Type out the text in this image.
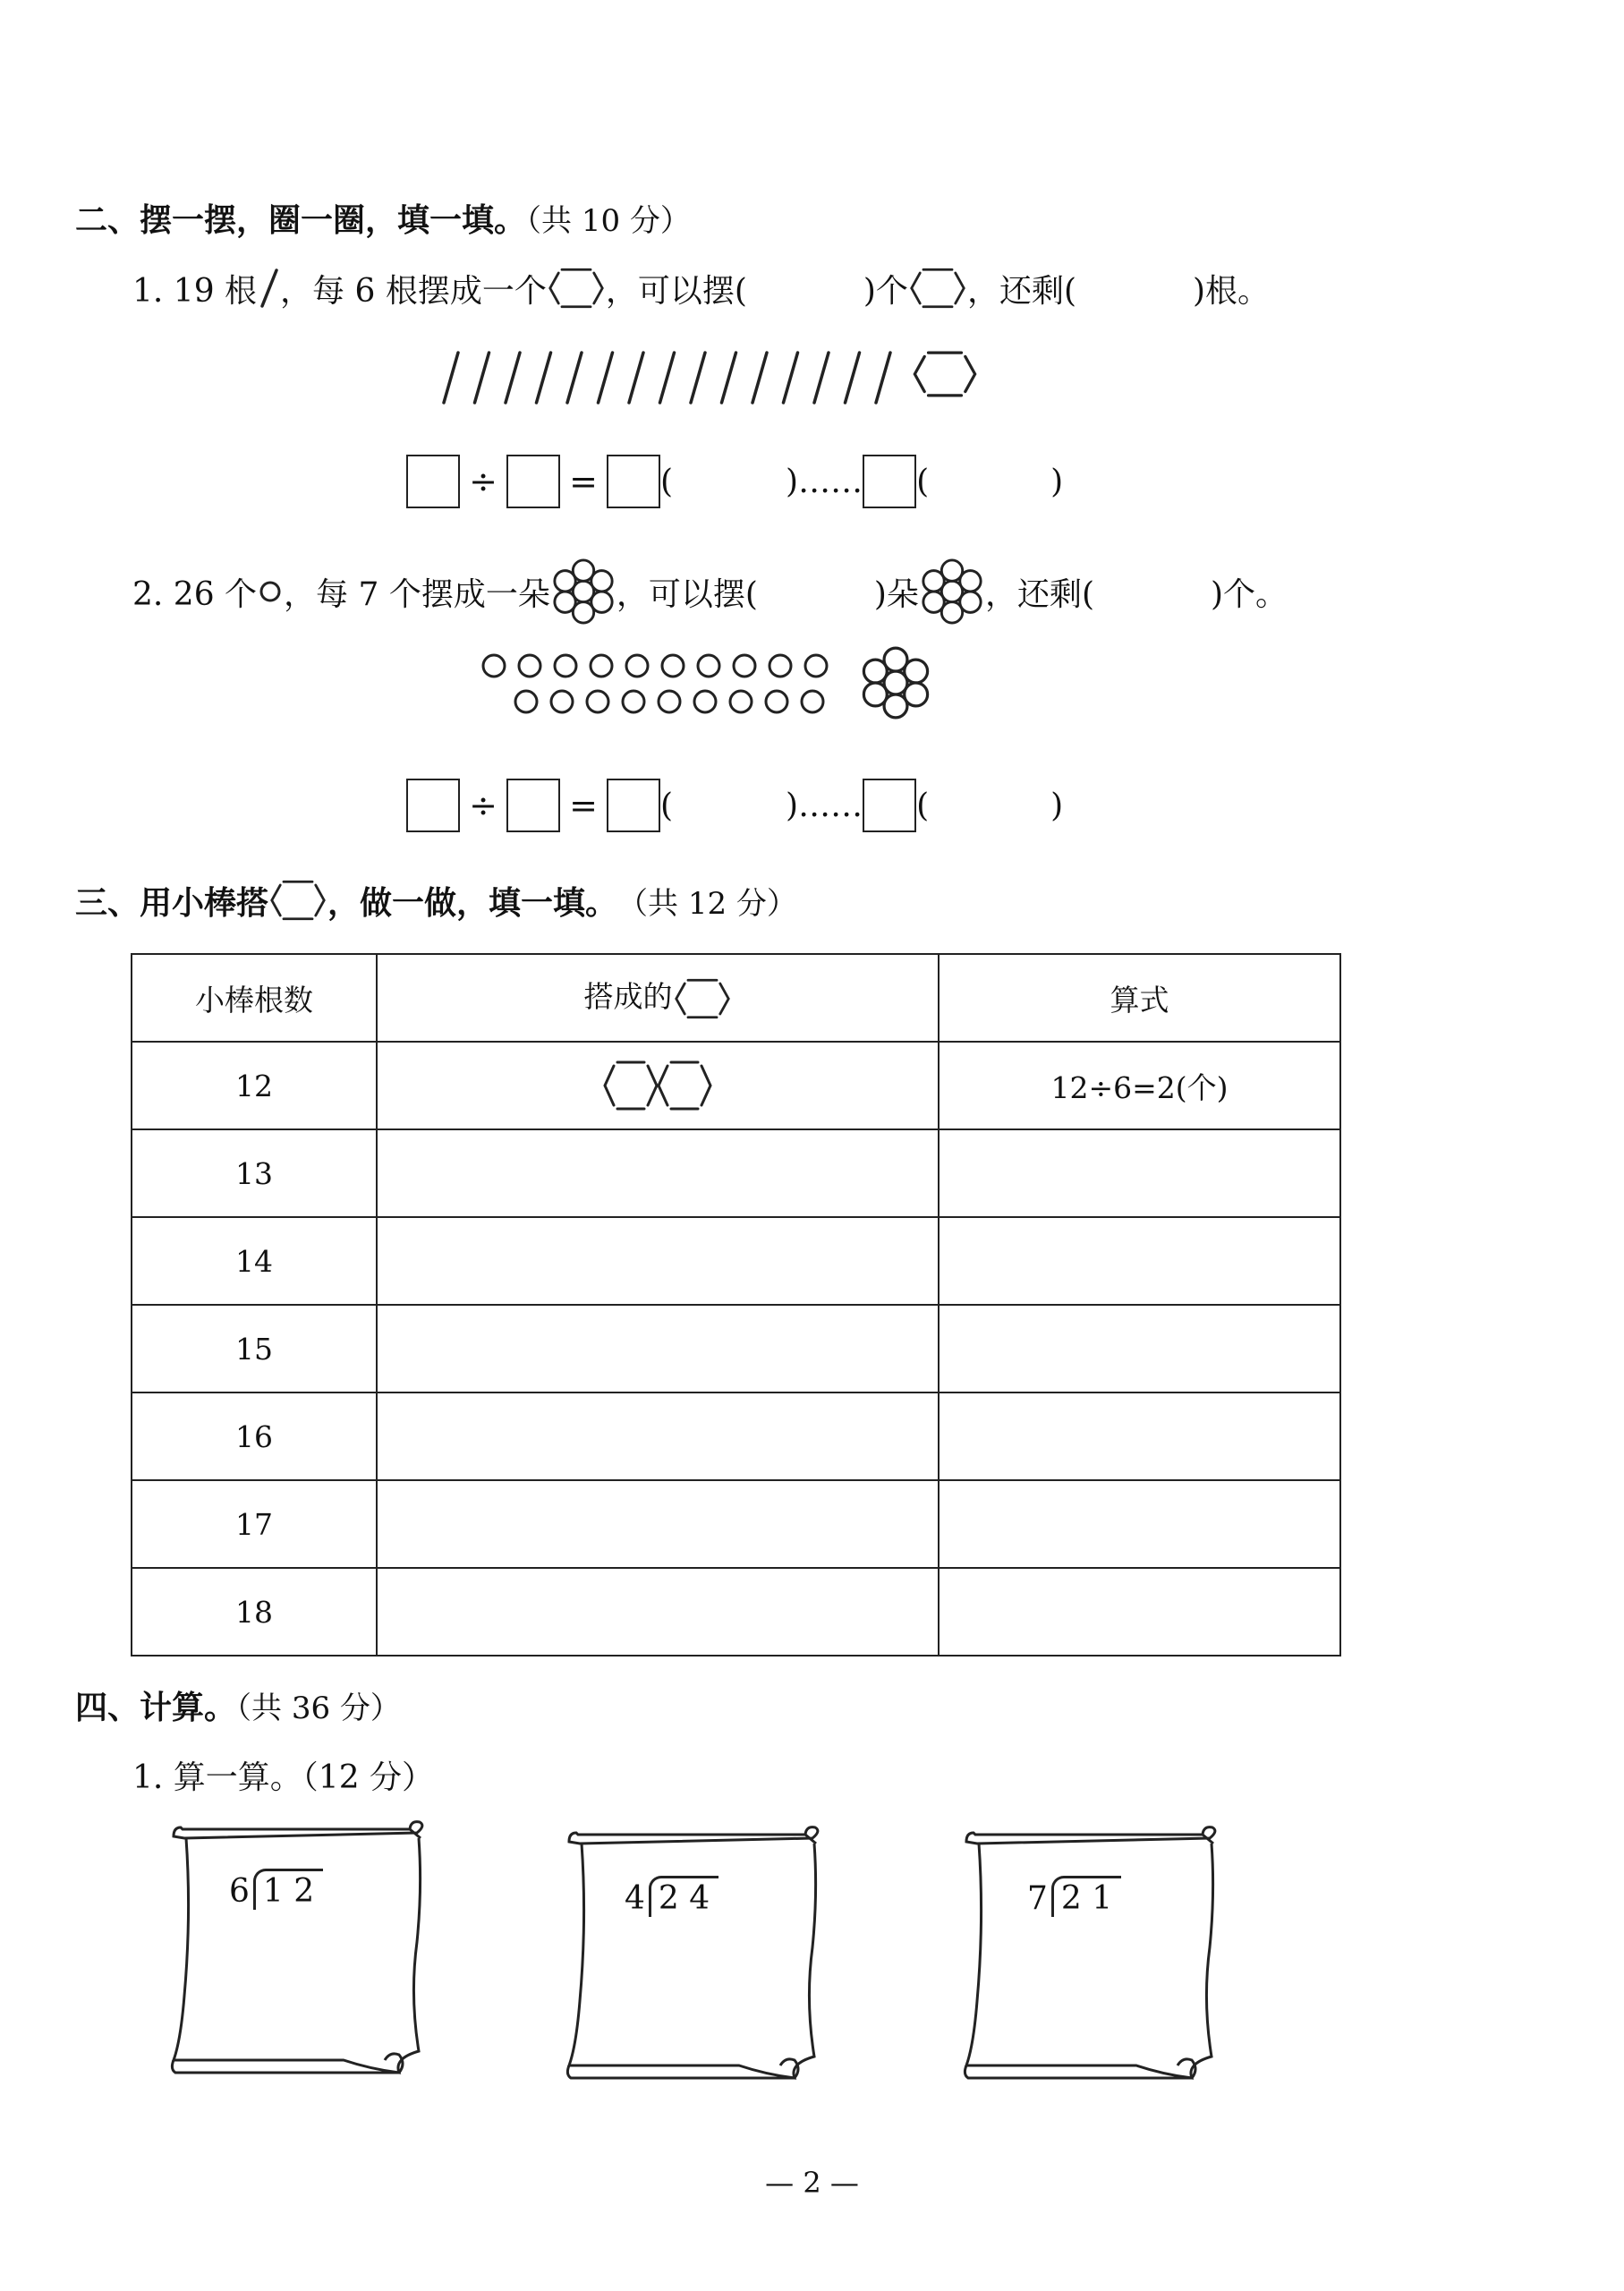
二、摆一摆，圈一圈，填一填。（共 10 分）
1. 19 根 ，每 6 根摆成一个 ，可以摆(	)个 ，还剩(	)根。
÷ = (	)…… (	)
2. 26 个 ，每 7 个摆成一朵 ，可以摆(	)朵 ，还剩(	)个。
÷ = (	)…… (	)
三、用小棒搭 ，做一做，填一填。 （共 12 分）
小棒根数	搭成的	算式
12		12÷6=2(个)
13		
14		
15		
16		
17		
18		
四、计算。（共 36 分）
1. 算一算。（12 分）
6 1 2	4 2 4	7 2 1
— 2 —
